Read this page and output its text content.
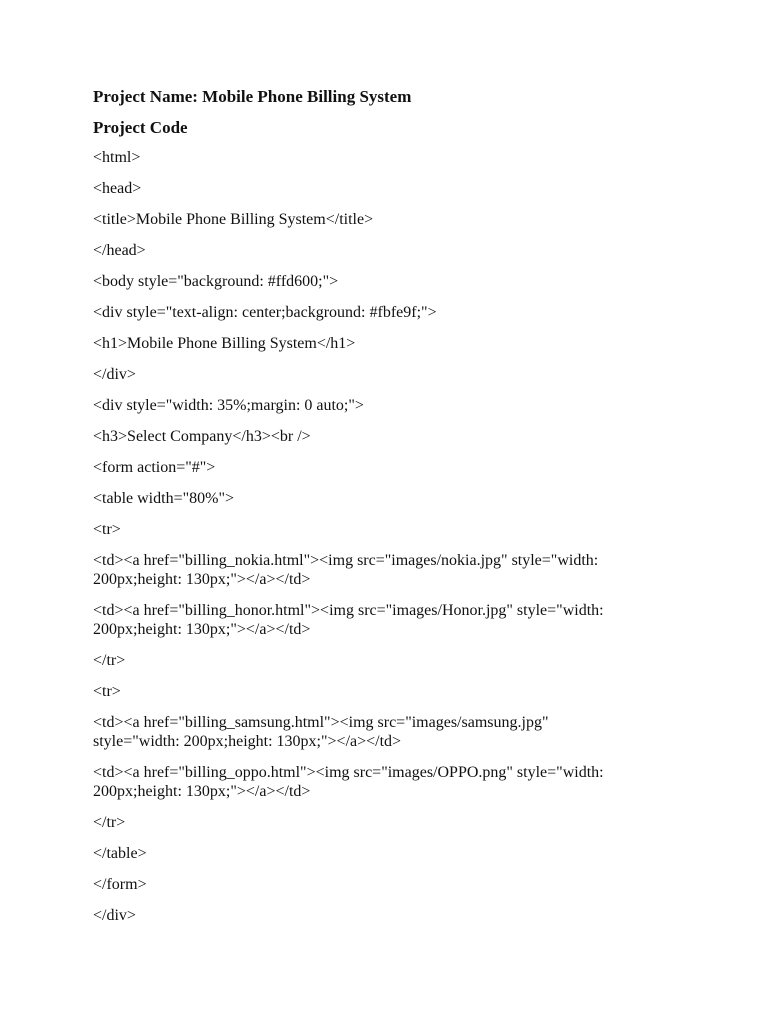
Project Name: Mobile Phone Billing System
Project Code
<html>
<head>
<title>Mobile Phone Billing System</title>
</head>
<body style="background: #ffd600;">
<div style="text-align: center;background: #fbfe9f;">
<h1>Mobile Phone Billing System</h1>
</div>
<div style="width: 35%;margin: 0 auto;">
<h3>Select Company</h3><br />
<form action="#">
<table width="80%">
<tr>
<td><a href="billing_nokia.html"><img src="images/nokia.jpg" style="width:
200px;height: 130px;"></a></td>
<td><a href="billing_honor.html"><img src="images/Honor.jpg" style="width:
200px;height: 130px;"></a></td>
</tr>
<tr>
<td><a href="billing_samsung.html"><img src="images/samsung.jpg"
style="width: 200px;height: 130px;"></a></td>
<td><a href="billing_oppo.html"><img src="images/OPPO.png" style="width:
200px;height: 130px;"></a></td>
</tr>
</table>
</form>
</div>
